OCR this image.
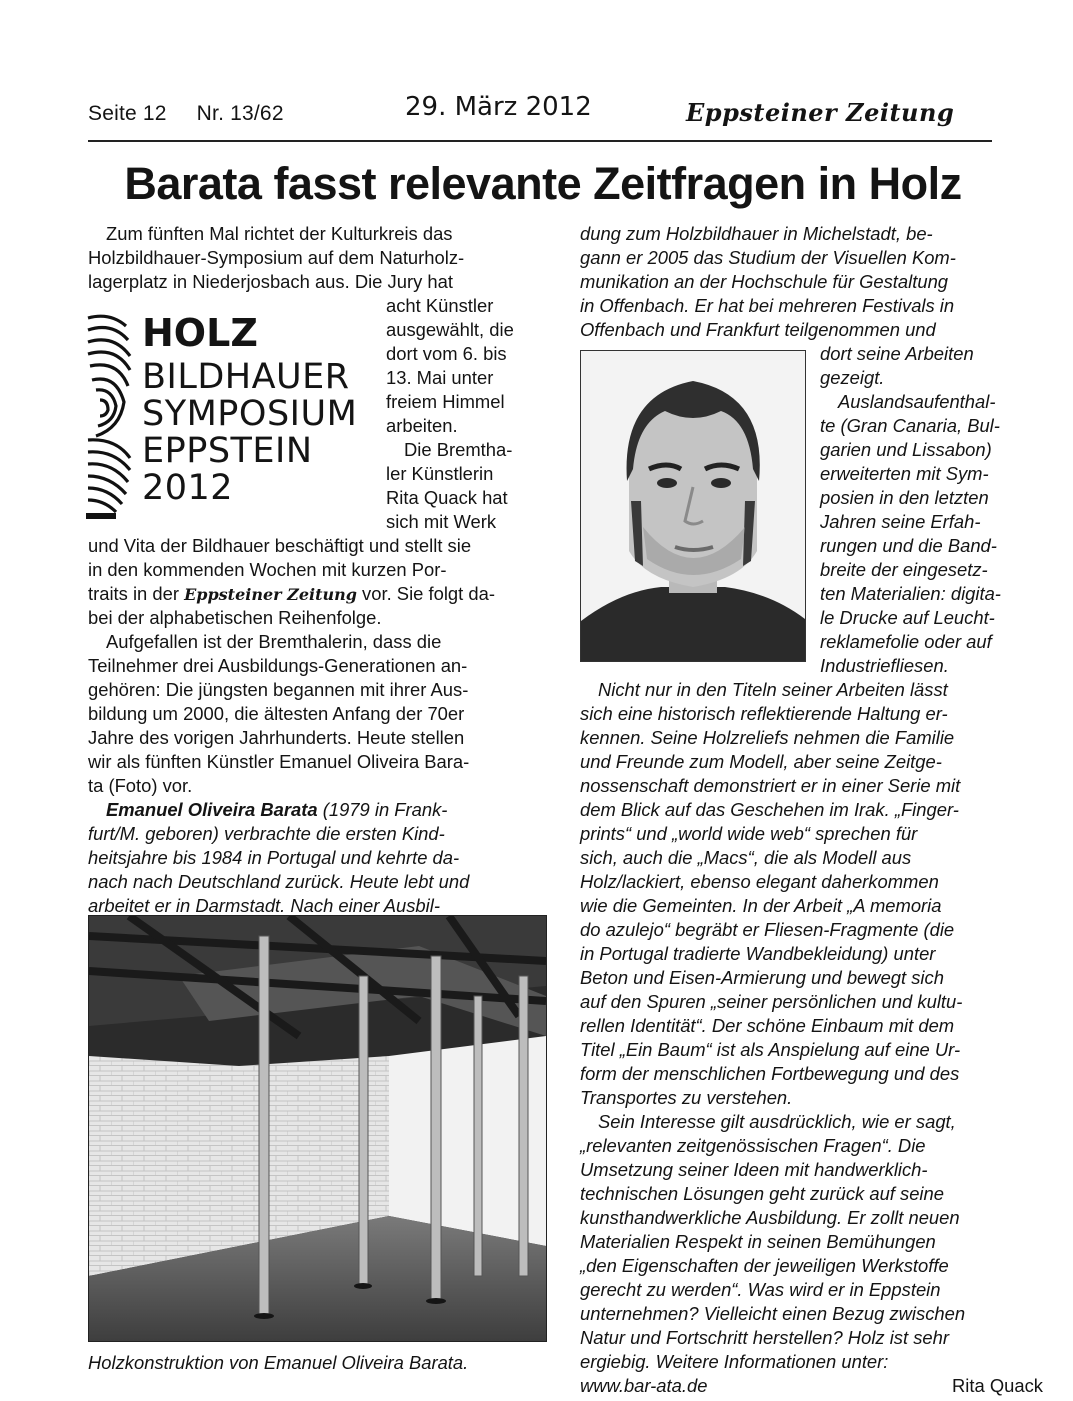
Seite 12 Nr. 13/62	29. März 2012	Eppsteiner Zeitung
Barata fasst relevante Zeitfragen in Holz
Zum fünften Mal richtet der Kulturkreis das
Holzbildhauer-Symposium auf dem Naturholz-
lagerplatz in Niederjosbach aus. Die Jury hat
acht Künstler
ausgewählt, die
dort vom 6. bis
13. Mai unter
freiem Himmel
arbeiten.
Die Bremtha-
ler Künstlerin
Rita Quack hat
sich mit Werk
und Vita der Bildhauer beschäftigt und stellt sie
in den kommenden Wochen mit kurzen Por-
traits in der Eppsteiner Zeitung vor. Sie folgt da-
bei der alphabetischen Reihenfolge.
Aufgefallen ist der Bremthalerin, dass die
Teilnehmer drei Ausbildungs-Generationen an-
gehören: Die jüngsten begannen mit ihrer Aus-
bildung um 2000, die ältesten Anfang der 70er
Jahre des vorigen Jahrhunderts. Heute stellen
wir als fünften Künstler Emanuel Oliveira Bara-
ta (Foto) vor.
Emanuel Oliveira Barata (1979 in Frank-
furt/M. geboren) verbrachte die ersten Kind-
heitsjahre bis 1984 in Portugal und kehrte da-
nach nach Deutschland zurück. Heute lebt und
arbeitet er in Darmstadt. Nach einer Ausbil-
HOLZ
BILDHAUER
SYMPOSIUM
EPPSTEIN
2012
Holzkonstruktion von Emanuel Oliveira Barata.
dung zum Holzbildhauer in Michelstadt, be-
gann er 2005 das Studium der Visuellen Kom-
munikation an der Hochschule für Gestaltung
in Offenbach. Er hat bei mehreren Festivals in
Offenbach und Frankfurt teilgenommen und
dort seine Arbeiten
gezeigt.
Auslandsaufenthal-
te (Gran Canaria, Bul-
garien und Lissabon)
erweiterten mit Sym-
posien in den letzten
Jahren seine Erfah-
rungen und die Band-
breite der eingesetz-
ten Materialien: digita-
le Drucke auf Leucht-
reklamefolie oder auf
Industriefliesen.
Nicht nur in den Titeln seiner Arbeiten lässt
sich eine historisch reflektierende Haltung er-
kennen. Seine Holzreliefs nehmen die Familie
und Freunde zum Modell, aber seine Zeitge-
nossenschaft demonstriert er in einer Serie mit
dem Blick auf das Geschehen im Irak. „Finger-
prints“ und „world wide web“ sprechen für
sich, auch die „Macs“, die als Modell aus
Holz/lackiert, ebenso elegant daherkommen
wie die Gemeinten. In der Arbeit „A memoria
do azulejo“ begräbt er Fliesen-Fragmente (die
in Portugal tradierte Wandbekleidung) unter
Beton und Eisen-Armierung und bewegt sich
auf den Spuren „seiner persönlichen und kultu-
rellen Identität“. Der schöne Einbaum mit dem
Titel „Ein Baum“ ist als Anspielung auf eine Ur-
form der menschlichen Fortbewegung und des
Transportes zu verstehen.
Sein Interesse gilt ausdrücklich, wie er sagt,
„relevanten zeitgenössischen Fragen“. Die
Umsetzung seiner Ideen mit handwerklich-
technischen Lösungen geht zurück auf seine
kunsthandwerkliche Ausbildung. Er zollt neuen
Materialien Respekt in seinen Bemühungen
„den Eigenschaften der jeweiligen Werkstoffe
gerecht zu werden“. Was wird er in Eppstein
unternehmen? Vielleicht einen Bezug zwischen
Natur und Fortschritt herstellen? Holz ist sehr
ergiebig. Weitere Informationen unter:
www.bar-ata.de	Rita Quack
